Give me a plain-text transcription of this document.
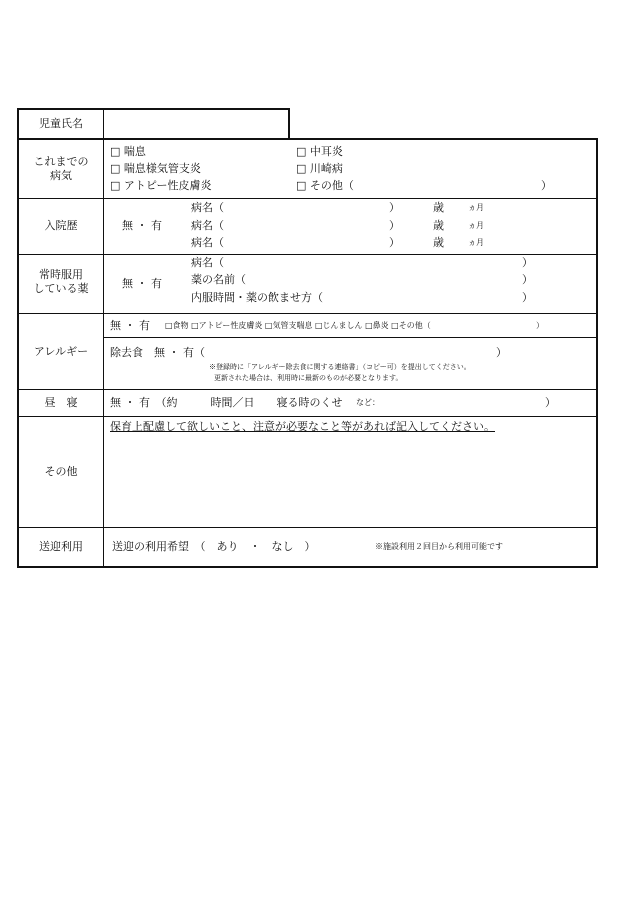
児童氏名
これまでの
病気
□ 喘息
□ 喘息様気管支炎
□ アトピー性皮膚炎
□ 中耳炎
□ 川崎病
□ その他（	）
入院歴	無 ・ 有
病名（	）	歳	ヵ月
病名（	）	歳	ヵ月
病名（	）	歳	ヵ月
常時服用
している薬	無 ・ 有
病名（	）
薬の名前（	）
内服時間・薬の飲ませ方（	）
アレルギー
無 ・ 有 □食物 □アトピー性皮膚炎 □気管支喘息 □じんましん □鼻炎 □その他（	）
除去食　無 ・ 有（	）
※登録時に「アレルギー除去食に関する連絡書」（コピー可）を提出してください。
更新された場合は、利用時に最新のものが必要となります。
昼　寝	無 ・ 有　（約　　　時間／日　　寝る時のくせ など：	）
その他
保育上配慮して欲しいこと、注意が必要なこと等があれば記入してください。
送迎利用	送迎の利用希望　（　あり　・　なし　）	※施設利用２回目から利用可能です
